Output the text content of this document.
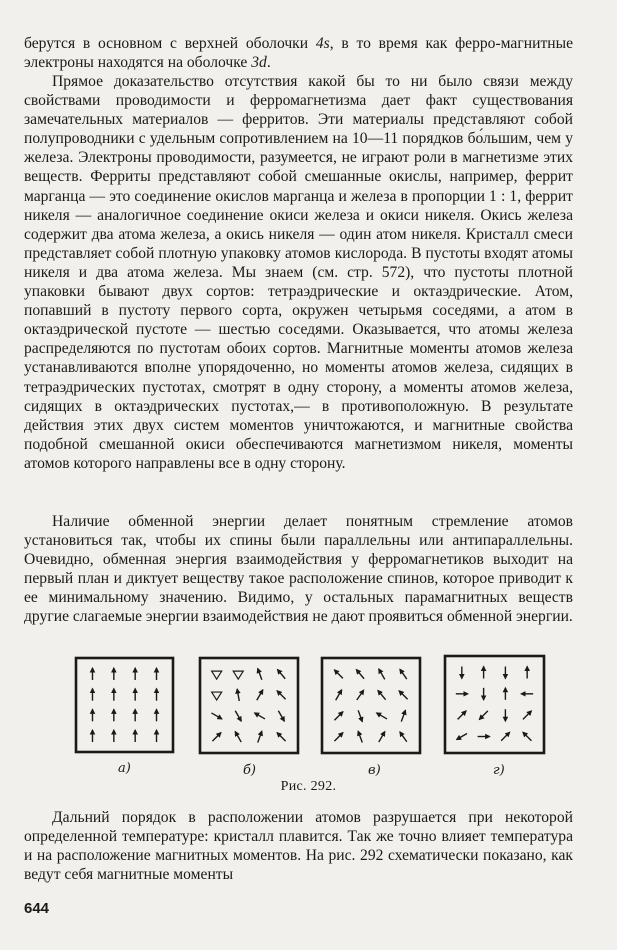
берутся в основном с верхней оболочки 4s, в то время как ферро-магнитные электроны находятся на оболочке 3d.

Прямое доказательство отсутствия какой бы то ни было связи между свойствами проводимости и ферромагнетизма дает факт существования замечательных материалов — ферритов. Эти материалы представляют собой полупроводники с удельным сопротивлением на 10—11 порядков бо́льшим, чем у железа. Электроны проводимости, разумеется, не играют роли в магнетизме этих веществ. Ферриты представляют собой смешанные окислы, например, феррит марганца — это соединение окислов марганца и железа в пропорции 1 : 1, феррит никеля — аналогичное соединение окиси железа и окиси никеля. Окись железа содержит два атома железа, а окись никеля — один атом никеля. Кристалл смеси представляет собой плотную упаковку атомов кислорода. В пустоты входят атомы никеля и два атома железа. Мы знаем (см. стр. 572), что пустоты плотной упаковки бывают двух сортов: тетраэдрические и октаэдрические. Атом, попавший в пустоту первого сорта, окружен четырьмя соседями, а атом в октаэдрической пустоте — шестью соседями. Оказывается, что атомы железа распределяются по пустотам обоих сортов. Магнитные моменты атомов железа устанавливаются вполне упорядоченно, но моменты атомов железа, сидящих в тетраэдрических пустотах, смотрят в одну сторону, а моменты атомов железа, сидящих в октаэдрических пустотах,— в противоположную. В результате действия этих двух систем моментов уничтожаются, и магнитные свойства подобной смешанной окиси обеспечиваются магнетизмом никеля, моменты атомов которого направлены все в одну сторону.

Наличие обменной энергии делает понятным стремление атомов установиться так, чтобы их спины были параллельны или антипараллельны. Очевидно, обменная энергия взаимодействия у ферромагнетиков выходит на первый план и диктует веществу такое расположение спинов, которое приводит к ее минимальному значению. Видимо, у остальных парамагнитных веществ другие слагаемые энергии взаимодействия не дают проявиться обменной энергии.

а)	б)	в)	г)
Рис. 292.

Дальний порядок в расположении атомов разрушается при некоторой определенной температуре: кристалл плавится. Так же точно влияет температура и на расположение магнитных моментов. На рис. 292 схематически показано, как ведут себя магнитные моменты

644
